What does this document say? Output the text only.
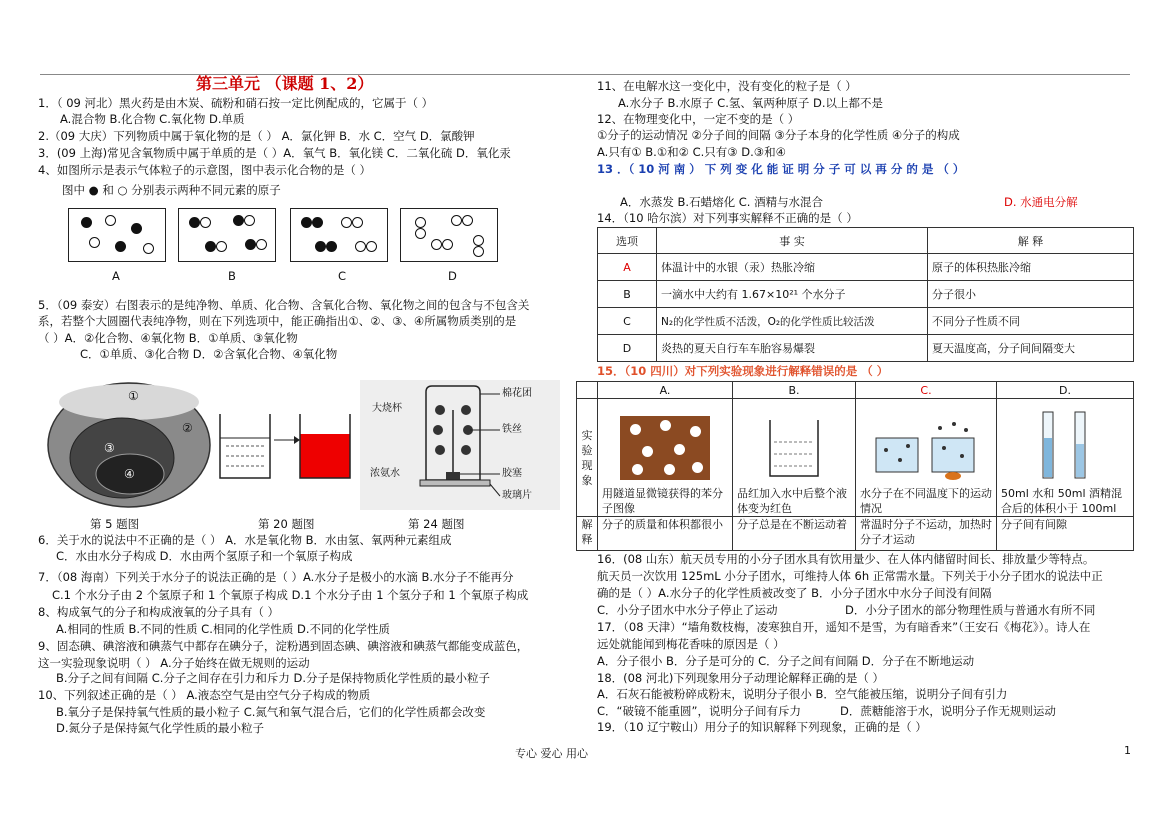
第三单元 （课题 1、2）
1．（ 09 河北）黑火药是由木炭、硫粉和硝石按一定比例配成的，它属于（ ）
A.混合物 B.化合物 C.氧化物 D.单质
2.（09 大庆）下列物质中属于氧化物的是（ ） A．氯化钾 B．水 C．空气 D．氯酸钾
3．(09 上海)常见含氧物质中属于单质的是（ ）A．氧气 B．氧化镁 C．二氧化硫 D．氧化汞
4、如图所示是表示气体粒子的示意图，图中表示化合物的是（ ）
图中 ● 和 ○ 分别表示两种不同元素的原子
A	B	C	D
5．（09 泰安）右图表示的是纯净物、单质、化合物、含氧化合物、氧化物之间的包含与不包含关
系，若整个大圆圈代表纯净物，则在下列选项中，能正确指出①、②、③、④所属物质类别的是
（ ）A．②化合物、④氧化物 B．①单质、③氧化物
C．①单质、③化合物 D．②含氧化合物、④氧化物
①
②
③
④
大烧杯
棉花团
铁丝
浓氨水	胶塞
玻璃片
第 5 题图	第 20 题图	第 24 题图
6．关于水的说法中不正确的是（ ） A．水是氧化物 B．水由氢、氧两种元素组成
C．水由水分子构成 D．水由两个氢原子和一个氧原子构成
7．（08 海南）下列关于水分子的说法正确的是（ ）A.水分子是极小的水滴 B.水分子不能再分
C.1 个水分子由 2 个氢原子和 1 个氧原子构成 D.1 个水分子由 1 个氢分子和 1 个氧原子构成
8、构成氧气的分子和构成液氧的分子具有（ ）
A.相同的性质 B.不同的性质 C.相同的化学性质 D.不同的化学性质
9、固态碘、碘溶液和碘蒸气中都存在碘分子，淀粉遇到固态碘、碘溶液和碘蒸气都能变成蓝色，
这一实验现象说明（ ） A.分子始终在做无规则的运动
B.分子之间有间隔 C.分子之间存在引力和斥力 D.分子是保持物质化学性质的最小粒子
10、下列叙述正确的是（ ） A.液态空气是由空气分子构成的物质
B.氧分子是保持氧气性质的最小粒子 C.氮气和氧气混合后，它们的化学性质都会改变
D.氮分子是保持氮气化学性质的最小粒子
11、在电解水这一变化中，没有变化的粒子是（ ）
A.水分子 B.水原子 C.氢、氧两种原子 D.以上都不是
12、在物理变化中，一定不变的是（ ）
①分子的运动情况 ②分子间的间隔 ③分子本身的化学性质 ④分子的构成
A.只有① B.①和② C.只有③ D.③和④
13 ．（ 10 河 南 ） 下 列 变 化 能 证 明 分 子 可 以 再 分 的 是 （ ）
A．水蒸发 B.石蜡熔化 C. 酒精与水混合	D. 水通电分解
14．（10 哈尔滨）对下列事实解释不正确的是（ ）
选项	事 实	解 释
A	体温计中的水银（汞）热胀冷缩	原子的体积热胀冷缩
B	一滴水中大约有 1.67×10²¹ 个水分子	分子很小
C	N₂的化学性质不活泼，O₂的化学性质比较活泼	不同分子性质不同
D	炎热的夏天自行车车胎容易爆裂	夏天温度高，分子间间隔变大
15．（10 四川）对下列实验现象进行解释错误的是 （ ）
	A.	B.	C.	D.
实验现象	用隧道显微镜获得的苯分子图像	品红加入水中后整个液体变为红色	水分子在不同温度下的运动情况	50ml 水和 50ml 酒精混合后的体积小于 100ml
解释	分子的质量和体积都很小	分子总是在不断运动着	常温时分子不运动，加热时分子才运动	分子间有间隙
16．(08 山东）航天员专用的小分子团水具有饮用量少、在人体内储留时间长、排放量少等特点。
航天员一次饮用 125mL 小分子团水，可维持人体 6h 正常需水量。下列关于小分子团水的说法中正
确的是（ ）A.水分子的化学性质被改变了 B．小分子团水中水分子间没有间隔
C．小分子团水中水分子停止了运动	D．小分子团水的部分物理性质与普通水有所不同
17．（08 天津）“墙角数枝梅，凌寒独自开，遥知不是雪，为有暗香来”（王安石《梅花》）。诗人在
远处就能闻到梅花香味的原因是（ ）
A．分子很小 B．分子是可分的 C．分子之间有间隔 D．分子在不断地运动
18．(08 河北)下列现象用分子动理论解释正确的是（ ）
A．石灰石能被粉碎成粉末，说明分子很小 B．空气能被压缩，说明分子间有引力
C．“破镜不能重圆”，说明分子间有斥力	D．蔗糖能溶于水，说明分子作无规则运动
19．（10 辽宁鞍山）用分子的知识解释下列现象，正确的是（ ）
专心 爱心 用心	1
